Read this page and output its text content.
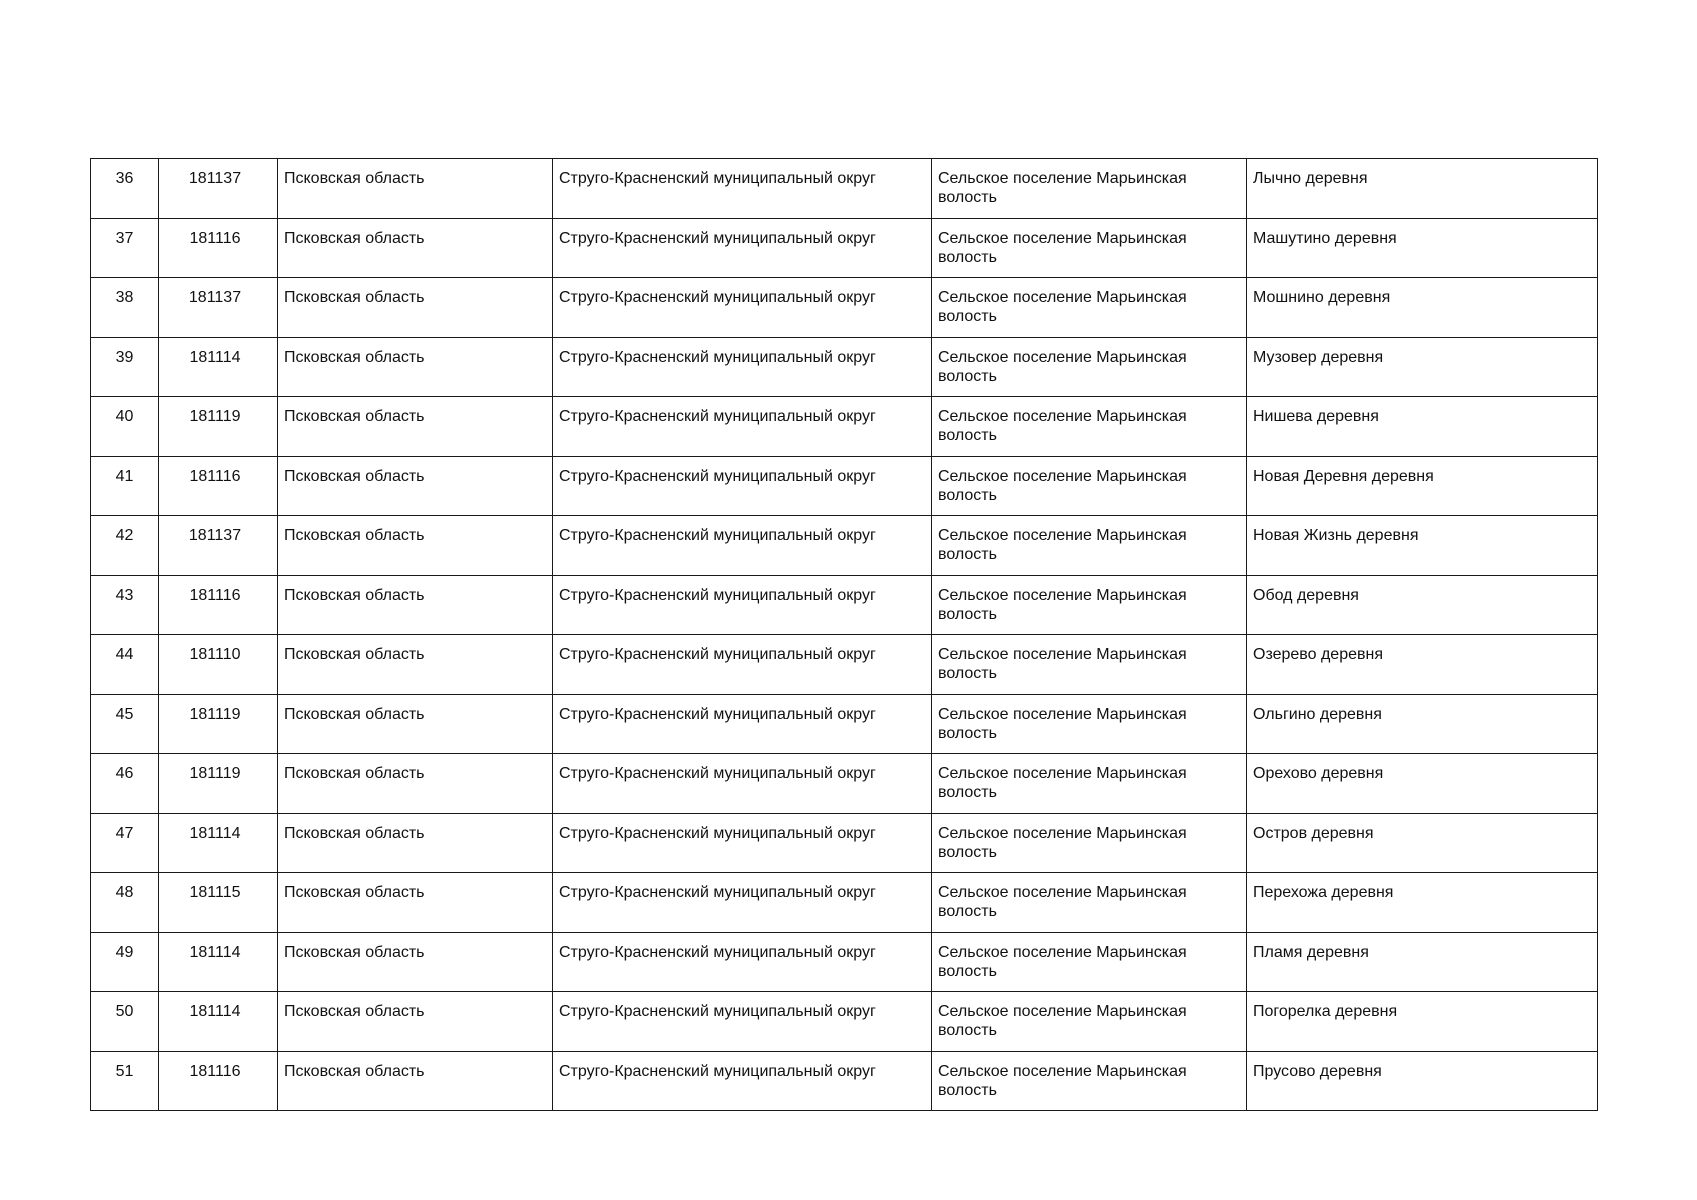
36	181137	Псковская область	Струго-Красненский муниципальный округ	Сельское поселение Марьинская волость	Лычно деревня
37	181116	Псковская область	Струго-Красненский муниципальный округ	Сельское поселение Марьинская волость	Машутино деревня
38	181137	Псковская область	Струго-Красненский муниципальный округ	Сельское поселение Марьинская волость	Мошнино деревня
39	181114	Псковская область	Струго-Красненский муниципальный округ	Сельское поселение Марьинская волость	Музовер деревня
40	181119	Псковская область	Струго-Красненский муниципальный округ	Сельское поселение Марьинская волость	Нишева деревня
41	181116	Псковская область	Струго-Красненский муниципальный округ	Сельское поселение Марьинская волость	Новая Деревня деревня
42	181137	Псковская область	Струго-Красненский муниципальный округ	Сельское поселение Марьинская волость	Новая Жизнь деревня
43	181116	Псковская область	Струго-Красненский муниципальный округ	Сельское поселение Марьинская волость	Обод деревня
44	181110	Псковская область	Струго-Красненский муниципальный округ	Сельское поселение Марьинская волость	Озерево деревня
45	181119	Псковская область	Струго-Красненский муниципальный округ	Сельское поселение Марьинская волость	Ольгино деревня
46	181119	Псковская область	Струго-Красненский муниципальный округ	Сельское поселение Марьинская волость	Орехово деревня
47	181114	Псковская область	Струго-Красненский муниципальный округ	Сельское поселение Марьинская волость	Остров деревня
48	181115	Псковская область	Струго-Красненский муниципальный округ	Сельское поселение Марьинская волость	Перехожа деревня
49	181114	Псковская область	Струго-Красненский муниципальный округ	Сельское поселение Марьинская волость	Пламя деревня
50	181114	Псковская область	Струго-Красненский муниципальный округ	Сельское поселение Марьинская волость	Погорелка деревня
51	181116	Псковская область	Струго-Красненский муниципальный округ	Сельское поселение Марьинская волость	Прусово деревня
